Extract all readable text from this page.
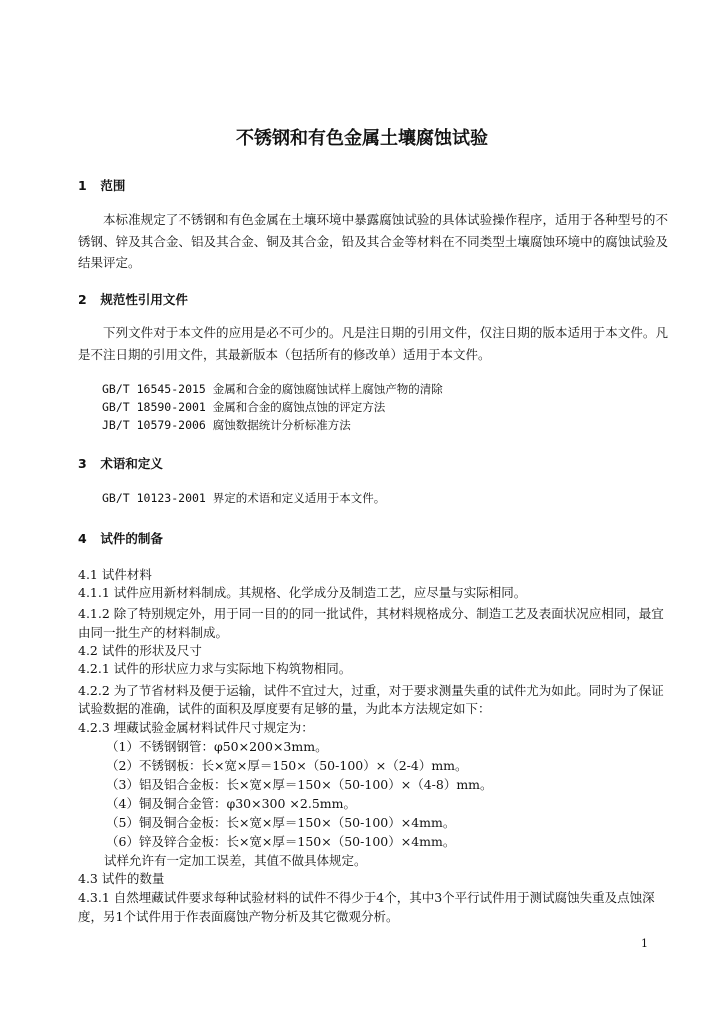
不锈钢和有色金属土壤腐蚀试验
1 范围
本标准规定了不锈钢和有色金属在土壤环境中暴露腐蚀试验的具体试验操作程序，适用于各种型号的不锈钢、锌及其合金、铝及其合金、铜及其合金，铅及其合金等材料在不同类型土壤腐蚀环境中的腐蚀试验及结果评定。
2 规范性引用文件
下列文件对于本文件的应用是必不可少的。凡是注日期的引用文件，仅注日期的版本适用于本文件。凡是不注日期的引用文件，其最新版本（包括所有的修改单）适用于本文件。
GB/T 16545-2015 金属和合金的腐蚀腐蚀试样上腐蚀产物的清除
GB/T 18590-2001 金属和合金的腐蚀点蚀的评定方法
JB/T 10579-2006 腐蚀数据统计分析标准方法
3 术语和定义
GB/T 10123-2001 界定的术语和定义适用于本文件。
4 试件的制备
4.1 试件材料
4.1.1 试件应用新材料制成。其规格、化学成分及制造工艺，应尽量与实际相同。
4.1.2 除了特别规定外，用于同一目的的同一批试件，其材料规格成分、制造工艺及表面状况应相同，最宜
由同一批生产的材料制成。
4.2 试件的形状及尺寸
4.2.1 试件的形状应力求与实际地下构筑物相同。
4.2.2 为了节省材料及便于运输，试件不宜过大，过重，对于要求测量失重的试件尤为如此。同时为了保证
试验数据的准确，试件的面积及厚度要有足够的量，为此本方法规定如下：
4.2.3 埋藏试验金属材料试件尺寸规定为：
（1）不锈钢钢管：φ50×200×3mm。
（2）不锈钢板：长×宽×厚＝150×（50-100）×（2-4）mm。
（3）铝及铝合金板：长×宽×厚＝150×（50-100）×（4-8）mm。
（4）铜及铜合金管：φ30×300 ×2.5mm。
（5）铜及铜合金板：长×宽×厚＝150×（50-100）×4mm。
（6）锌及锌合金板：长×宽×厚＝150×（50-100）×4mm。
试样允许有一定加工误差，其值不做具体规定。
4.3 试件的数量
4.3.1 自然埋藏试件要求每种试验材料的试件不得少于4个，其中3个平行试件用于测试腐蚀失重及点蚀深
度，另1个试件用于作表面腐蚀产物分析及其它微观分析。
1
